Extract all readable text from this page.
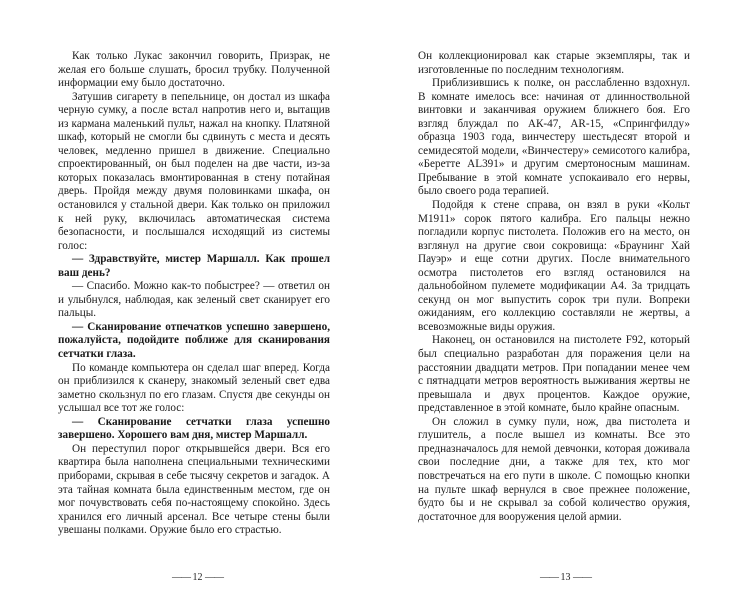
Как только Лукас закончил говорить, Призрак, не желая его больше слушать, бросил трубку. Полученной информации ему было достаточно.

Затушив сигарету в пепельнице, он достал из шкафа черную сумку, а после встал напротив него и, вытащив из кармана маленький пульт, нажал на кнопку. Платяной шкаф, который не смогли бы сдвинуть с места и десять человек, медленно пришел в движение. Специально спроектированный, он был поделен на две части, из-за которых показалась вмонтированная в стену потайная дверь. Пройдя между двумя половинками шкафа, он остановился у стальной двери. Как только он приложил к ней руку, включилась автоматическая система безопасности, и послышался исходящий из системы голос:

— Здравствуйте, мистер Маршалл. Как прошел ваш день?

— Спасибо. Можно как-то побыстрее? — ответил он и улыбнулся, наблюдая, как зеленый свет сканирует его пальцы.

— Сканирование отпечатков успешно завершено, пожалуйста, подойдите поближе для сканирования сетчатки глаза.

По команде компьютера он сделал шаг вперед. Когда он приблизился к сканеру, знакомый зеленый свет едва заметно скользнул по его глазам. Спустя две секунды он услышал все тот же голос:

— Сканирование сетчатки глаза успешно завершено. Хорошего вам дня, мистер Маршалл.

Он переступил порог открывшейся двери. Вся его квартира была наполнена специальными техническими приборами, скрывая в себе тысячу секретов и загадок. А эта тайная комната была единственным местом, где он мог почувствовать себя по-настоящему спокойно. Здесь хранился его личный арсенал. Все четыре стены были увешаны полками. Оружие было его страстью.

Он коллекционировал как старые экземпляры, так и изготовленные по последним технологиям.

Приблизившись к полке, он расслабленно вздохнул. В комнате имелось все: начиная от длинноствольной винтовки и заканчивая оружием ближнего боя. Его взгляд блуждал по АК-47, AR-15, «Спрингфилду» образца 1903 года, винчестеру шестьдесят второй и семидесятой модели, «Винчестеру» семисотого калибра, «Беретте AL391» и другим смертоносным машинам. Пребывание в этой комнате успокаивало его нервы, было своего рода терапией.

Подойдя к стене справа, он взял в руки «Кольт M1911» сорок пятого калибра. Его пальцы нежно погладили корпус пистолета. Положив его на место, он взглянул на другие свои сокровища: «Браунинг Хай Пауэр» и еще сотни других. После внимательного осмотра пистолетов его взгляд остановился на дальнобойном пулемете модификации А4. За тридцать секунд он мог выпустить сорок три пули. Вопреки ожиданиям, его коллекцию составляли не жертвы, а всевозможные виды оружия.

Наконец, он остановился на пистолете F92, который был специально разработан для поражения цели на расстоянии двадцати метров. При попадании менее чем с пятнадцати метров вероятность выживания жертвы не превышала и двух процентов. Каждое оружие, представленное в этой комнате, было крайне опасным.

Он сложил в сумку пули, нож, два пистолета и глушитель, а после вышел из комнаты. Все это предназначалось для немой девчонки, которая доживала свои последние дни, а также для тех, кто мог повстречаться на его пути в школе. С помощью кнопки на пульте шкаф вернулся в свое прежнее положение, будто бы и не скрывал за собой количество оружия, достаточное для вооружения целой армии.

—— 12 ——	—— 13 ——
